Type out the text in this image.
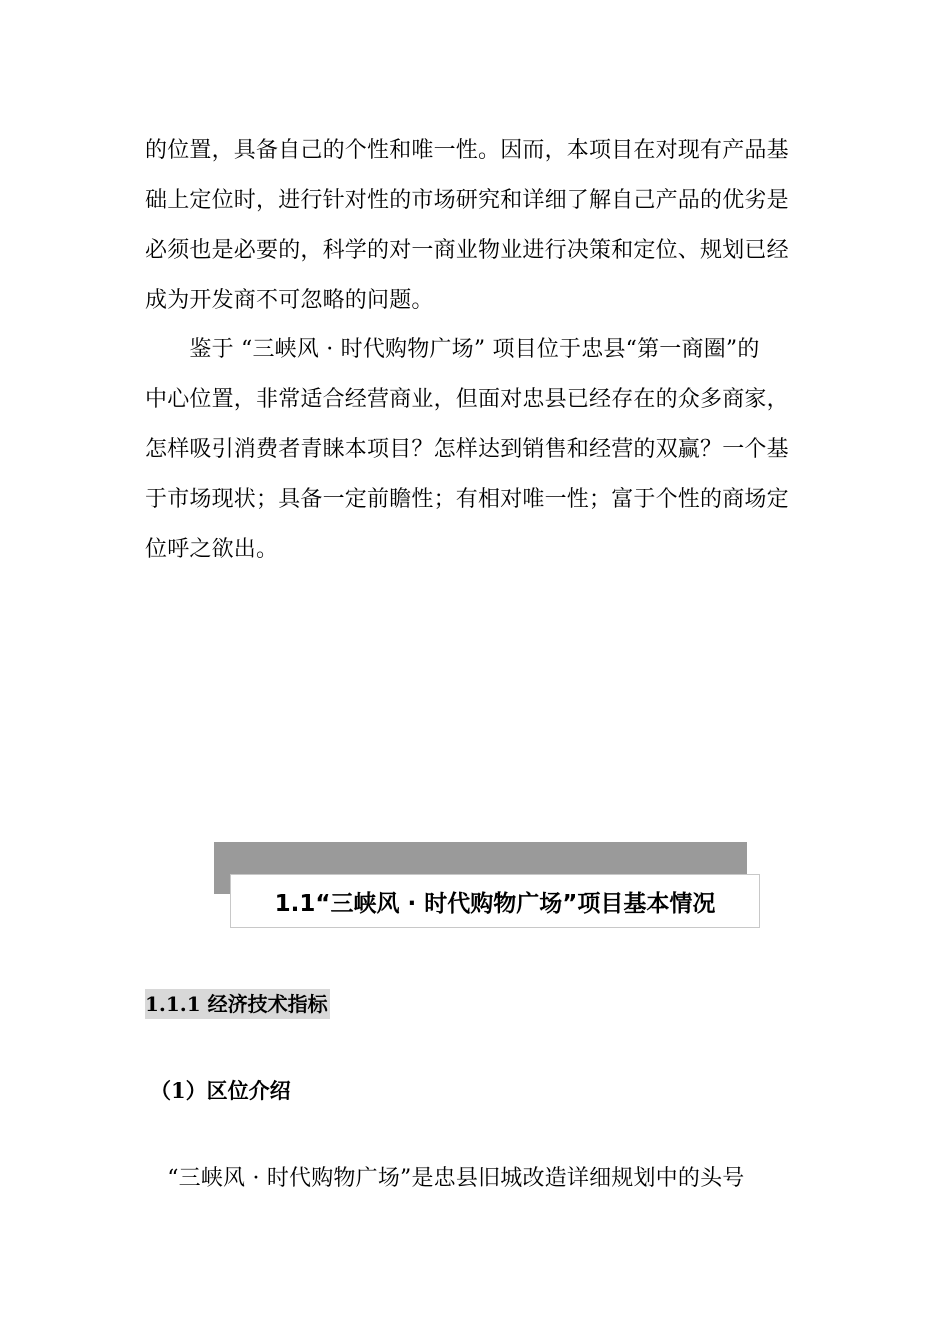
的位置，具备自己的个性和唯一性。因而，本项目在对现有产品基
础上定位时，进行针对性的市场研究和详细了解自己产品的优劣是
必须也是必要的，科学的对一商业物业进行决策和定位、规划已经
成为开发商不可忽略的问题。
　　鉴于 “三峡风 · 时代购物广场” 项目位于忠县“第一商圈”的
中心位置，非常适合经营商业，但面对忠县已经存在的众多商家，
怎样吸引消费者青睐本项目？怎样达到销售和经营的双赢？一个基
于市场现状；具备一定前瞻性；有相对唯一性；富于个性的商场定
位呼之欲出。
1.1“三峡风 · 时代购物广场”项目基本情况
1.1.1 经济技术指标
（1）区位介绍
　“三峡风 · 时代购物广场”是忠县旧城改造详细规划中的头号
